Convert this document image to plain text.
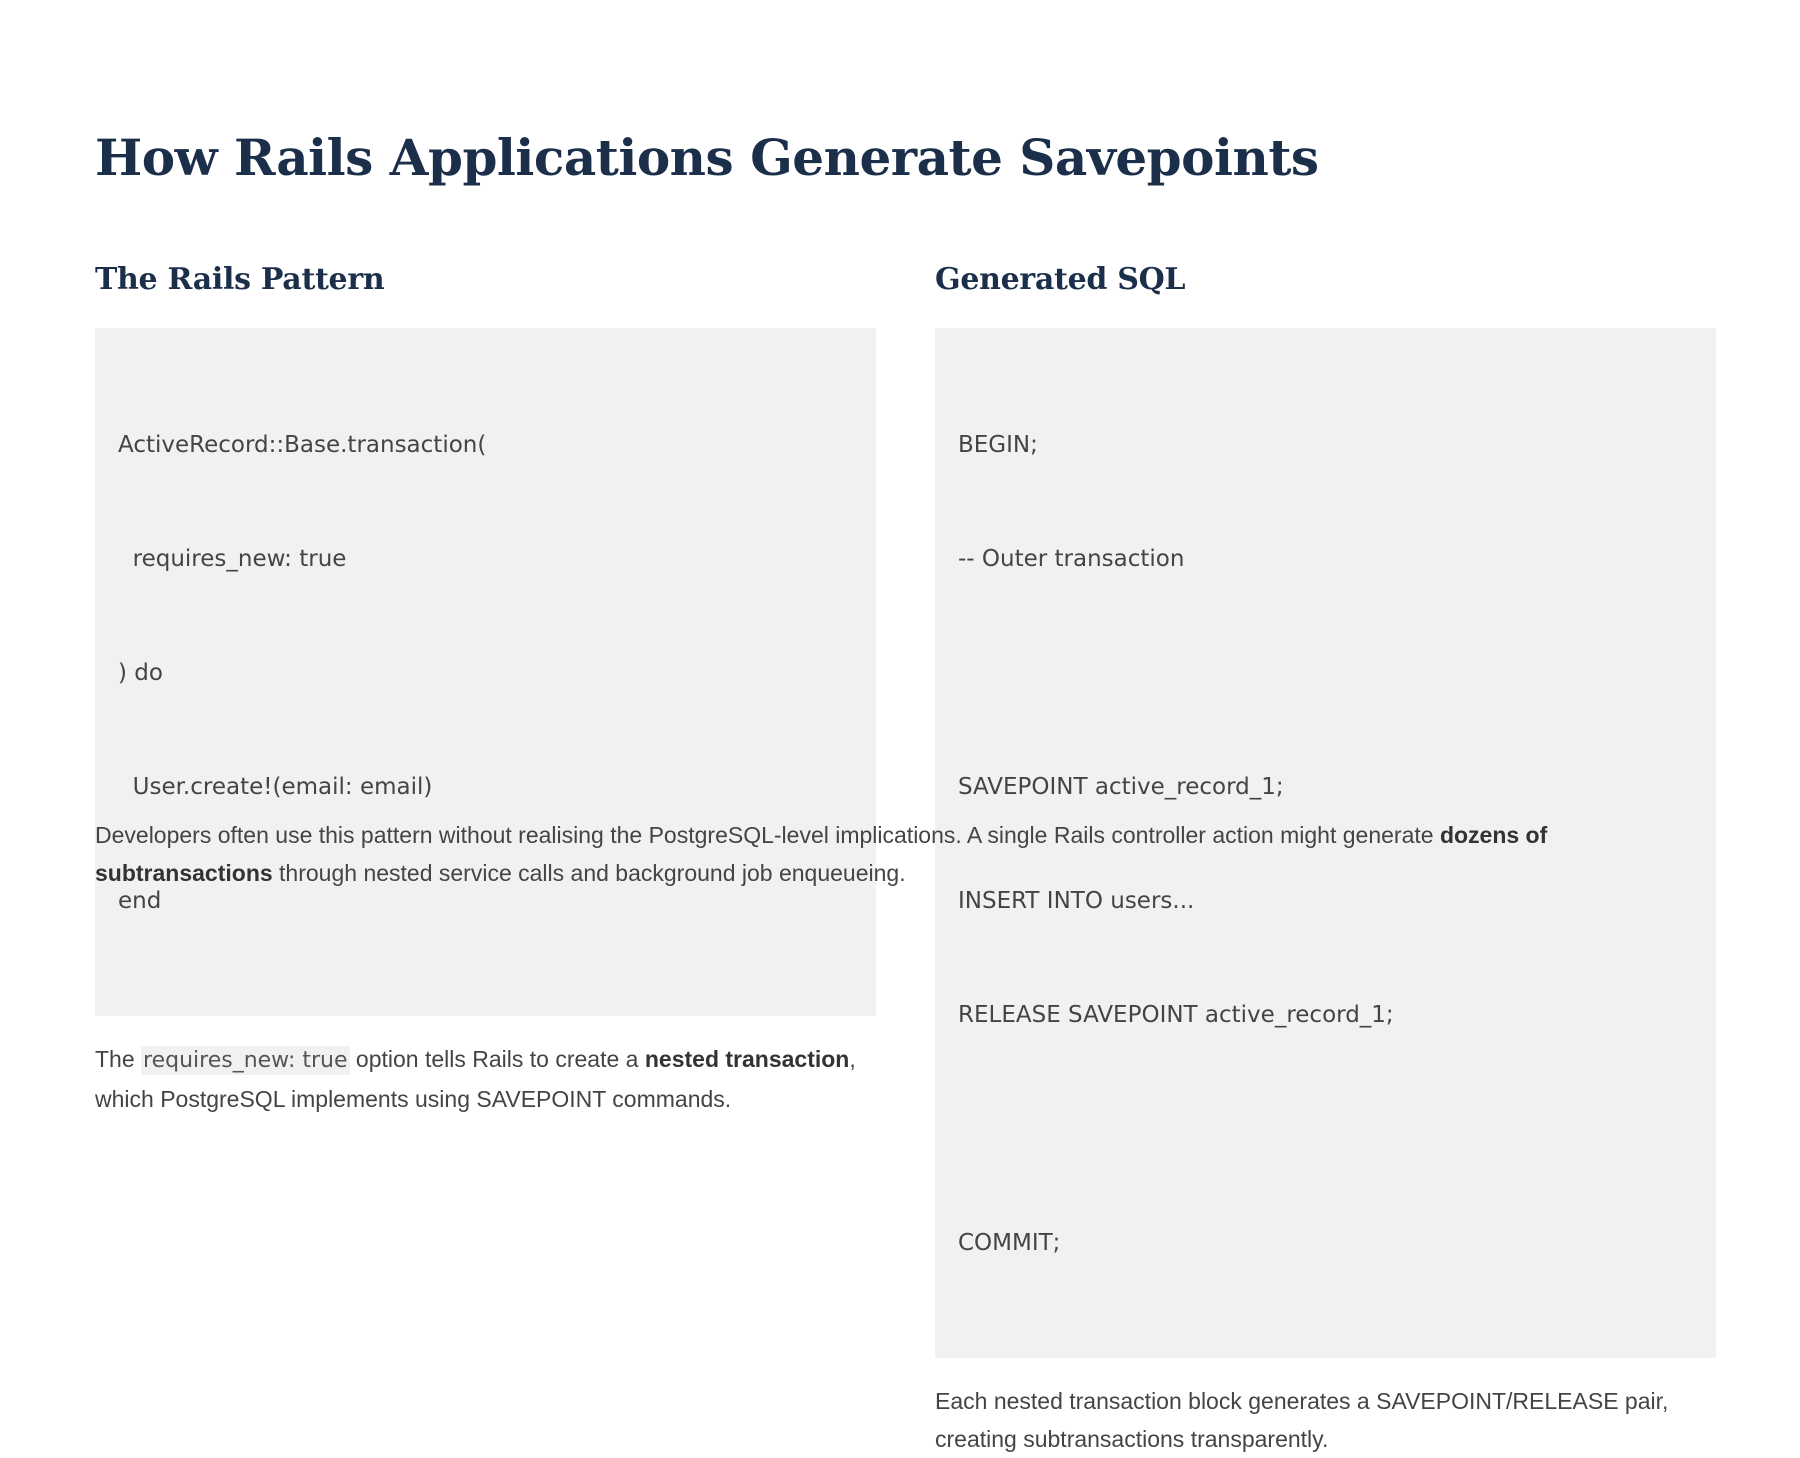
How Rails Applications Generate Savepoints
The Rails Pattern

ActiveRecord::Base.transaction(

requires_new: true

) do

User.create!(email: email)

end

The requires_new: true option tells Rails to create a nested transaction, which PostgreSQL implements using SAVEPOINT commands.
Generated SQL

BEGIN;

-- Outer transaction

SAVEPOINT active_record_1;

INSERT INTO users...

RELEASE SAVEPOINT active_record_1;

COMMIT;

Each nested transaction block generates a SAVEPOINT/RELEASE pair, creating subtransactions transparently.
Developers often use this pattern without realising the PostgreSQL-level implications. A single Rails controller action might generate dozens of subtransactions through nested service calls and background job enqueueing.
